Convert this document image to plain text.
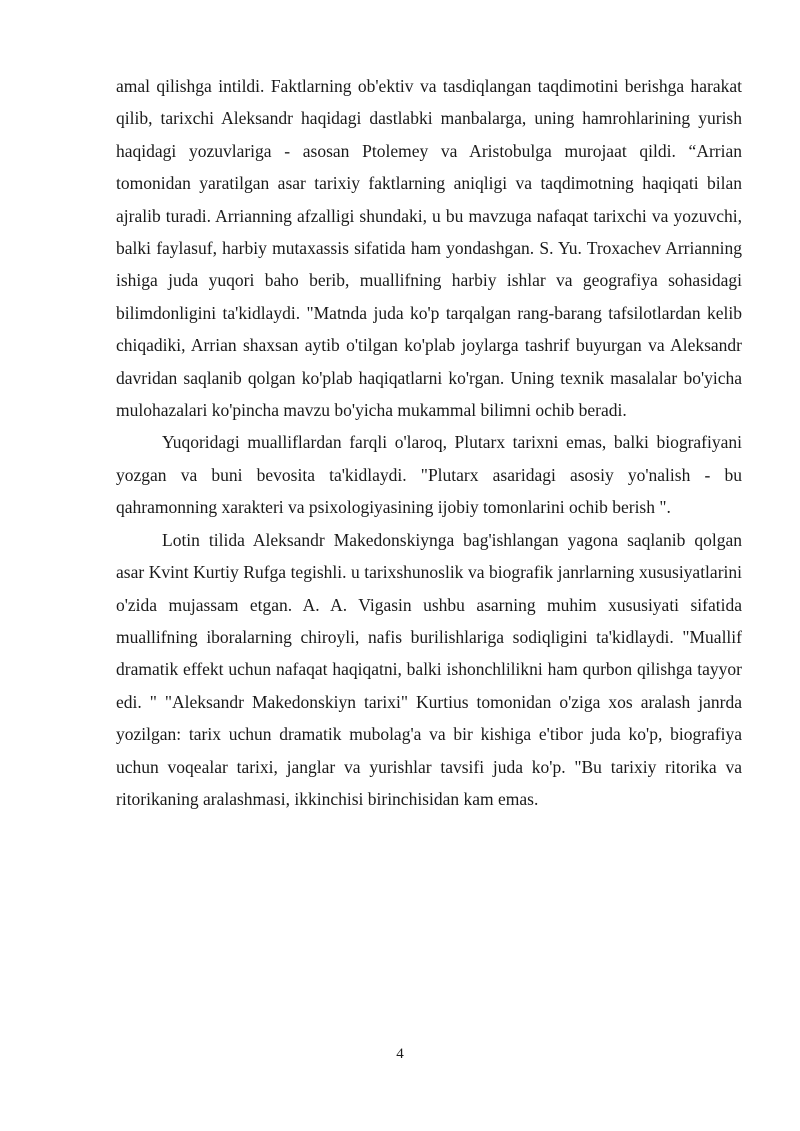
amal qilishga intildi. Faktlarning ob'ektiv va tasdiqlangan taqdimotini berishga harakat qilib, tarixchi Aleksandr haqidagi dastlabki manbalarga, uning hamrohlarining yurish haqidagi yozuvlariga - asosan Ptolemey va Aristobulga murojaat qildi. “Arrian tomonidan yaratilgan asar tarixiy faktlarning aniqligi va taqdimotning haqiqati bilan ajralib turadi. Arrianning afzalligi shundaki, u bu mavzuga nafaqat tarixchi va yozuvchi, balki faylasuf, harbiy mutaxassis sifatida ham yondashgan. S. Yu. Troxachev Arrianning ishiga juda yuqori baho berib, muallifning harbiy ishlar va geografiya sohasidagi bilimdonligini ta'kidlaydi. "Matnda juda ko'p tarqalgan rang-barang tafsilotlardan kelib chiqadiki, Arrian shaxsan aytib o'tilgan ko'plab joylarga tashrif buyurgan va Aleksandr davridan saqlanib qolgan ko'plab haqiqatlarni ko'rgan. Uning texnik masalalar bo'yicha mulohazalari ko'pincha mavzu bo'yicha mukammal bilimni ochib beradi.

Yuqoridagi mualliflardan farqli o'laroq, Plutarx tarixni emas, balki biografiyani yozgan va buni bevosita ta'kidlaydi. "Plutarx asaridagi asosiy yo'nalish - bu qahramonning xarakteri va psixologiyasining ijobiy tomonlarini ochib berish ".

Lotin tilida Aleksandr Makedonskiynga bag'ishlangan yagona saqlanib qolgan asar Kvint Kurtiy Rufga tegishli. u tarixshunoslik va biografik janrlarning xususiyatlarini o'zida mujassam etgan. A. A. Vigasin ushbu asarning muhim xususiyati sifatida muallifning iboralarning chiroyli, nafis burilishlariga sodiqligini ta'kidlaydi. "Muallif dramatik effekt uchun nafaqat haqiqatni, balki ishonchlilikni ham qurbon qilishga tayyor edi. " "Aleksandr Makedonskiyn tarixi" Kurtius tomonidan o'ziga xos aralash janrda yozilgan: tarix uchun dramatik mubolag'a va bir kishiga e'tibor juda ko'p, biografiya uchun voqealar tarixi, janglar va yurishlar tavsifi juda ko'p. "Bu tarixiy ritorika va ritorikaning aralashmasi, ikkinchisi birinchisidan kam emas.

4
